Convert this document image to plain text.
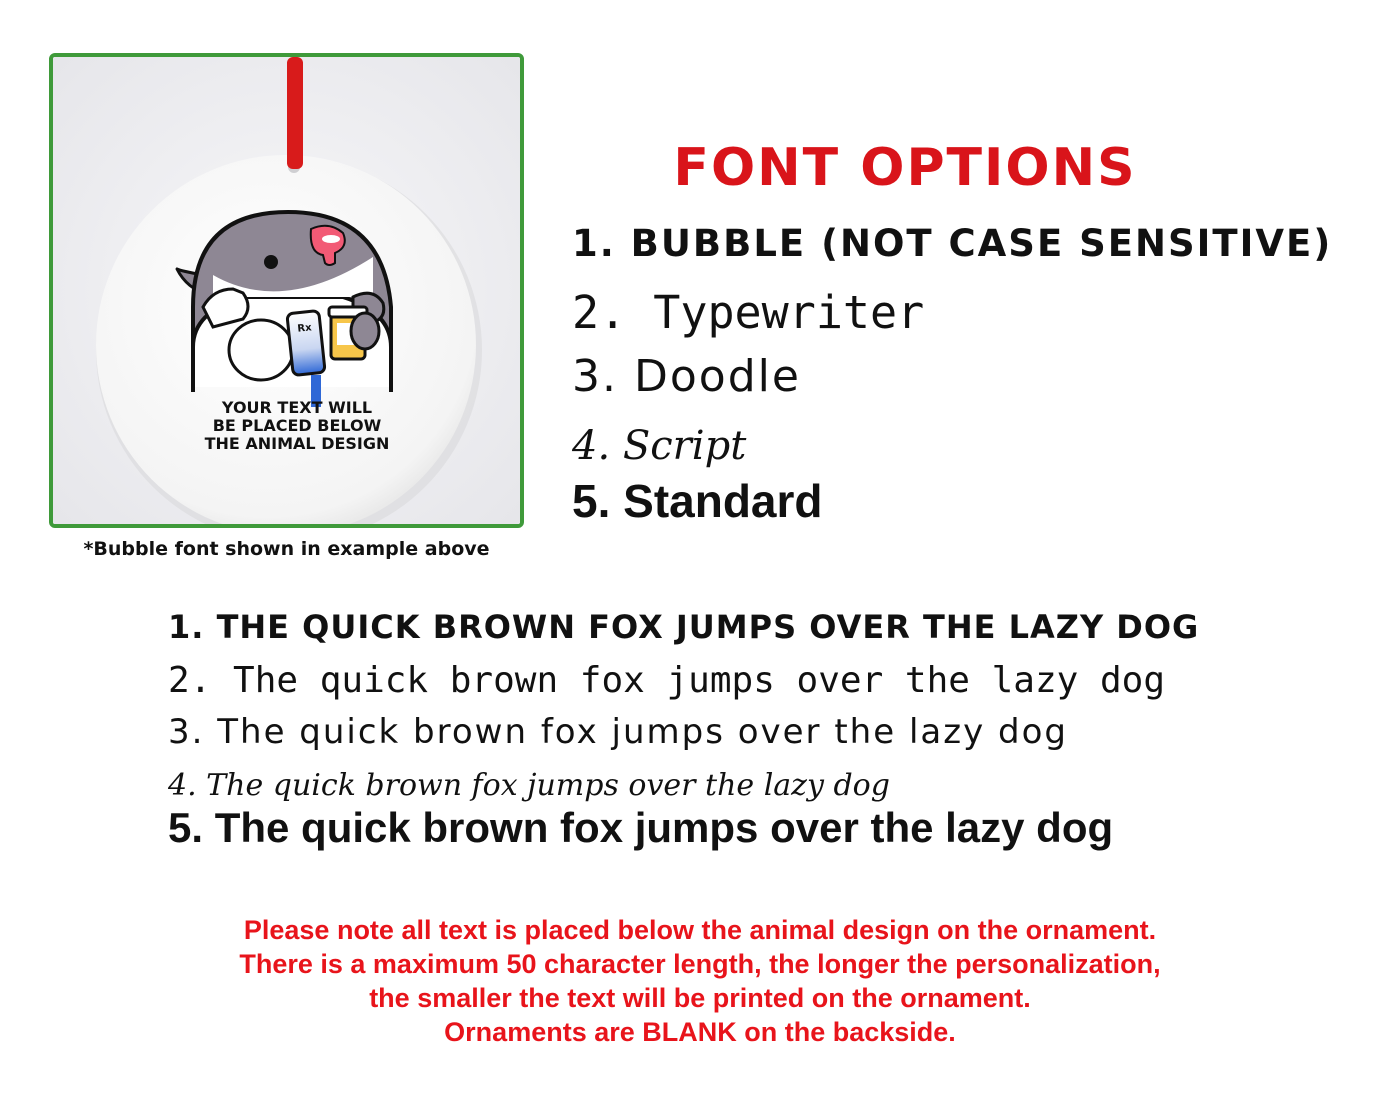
Rx
YOUR TEXT WILL
BE PLACED BELOW
THE ANIMAL DESIGN
*Bubble font shown in example above
FONT OPTIONS
1. BUBBLE (NOT CASE SENSITIVE)
2. Typewriter
3. Doodle
4. Script
5. Standard
1. THE QUICK BROWN FOX JUMPS OVER THE LAZY DOG
2. The quick brown fox jumps over the lazy dog
3. The quick brown fox jumps over the lazy dog
4. The quick brown fox jumps over the lazy dog
5. The quick brown fox jumps over the lazy dog
Please note all text is placed below the animal design on the ornament.
There is a maximum 50 character length, the longer the personalization,
the smaller the text will be printed on the ornament.
Ornaments are BLANK on the backside.
